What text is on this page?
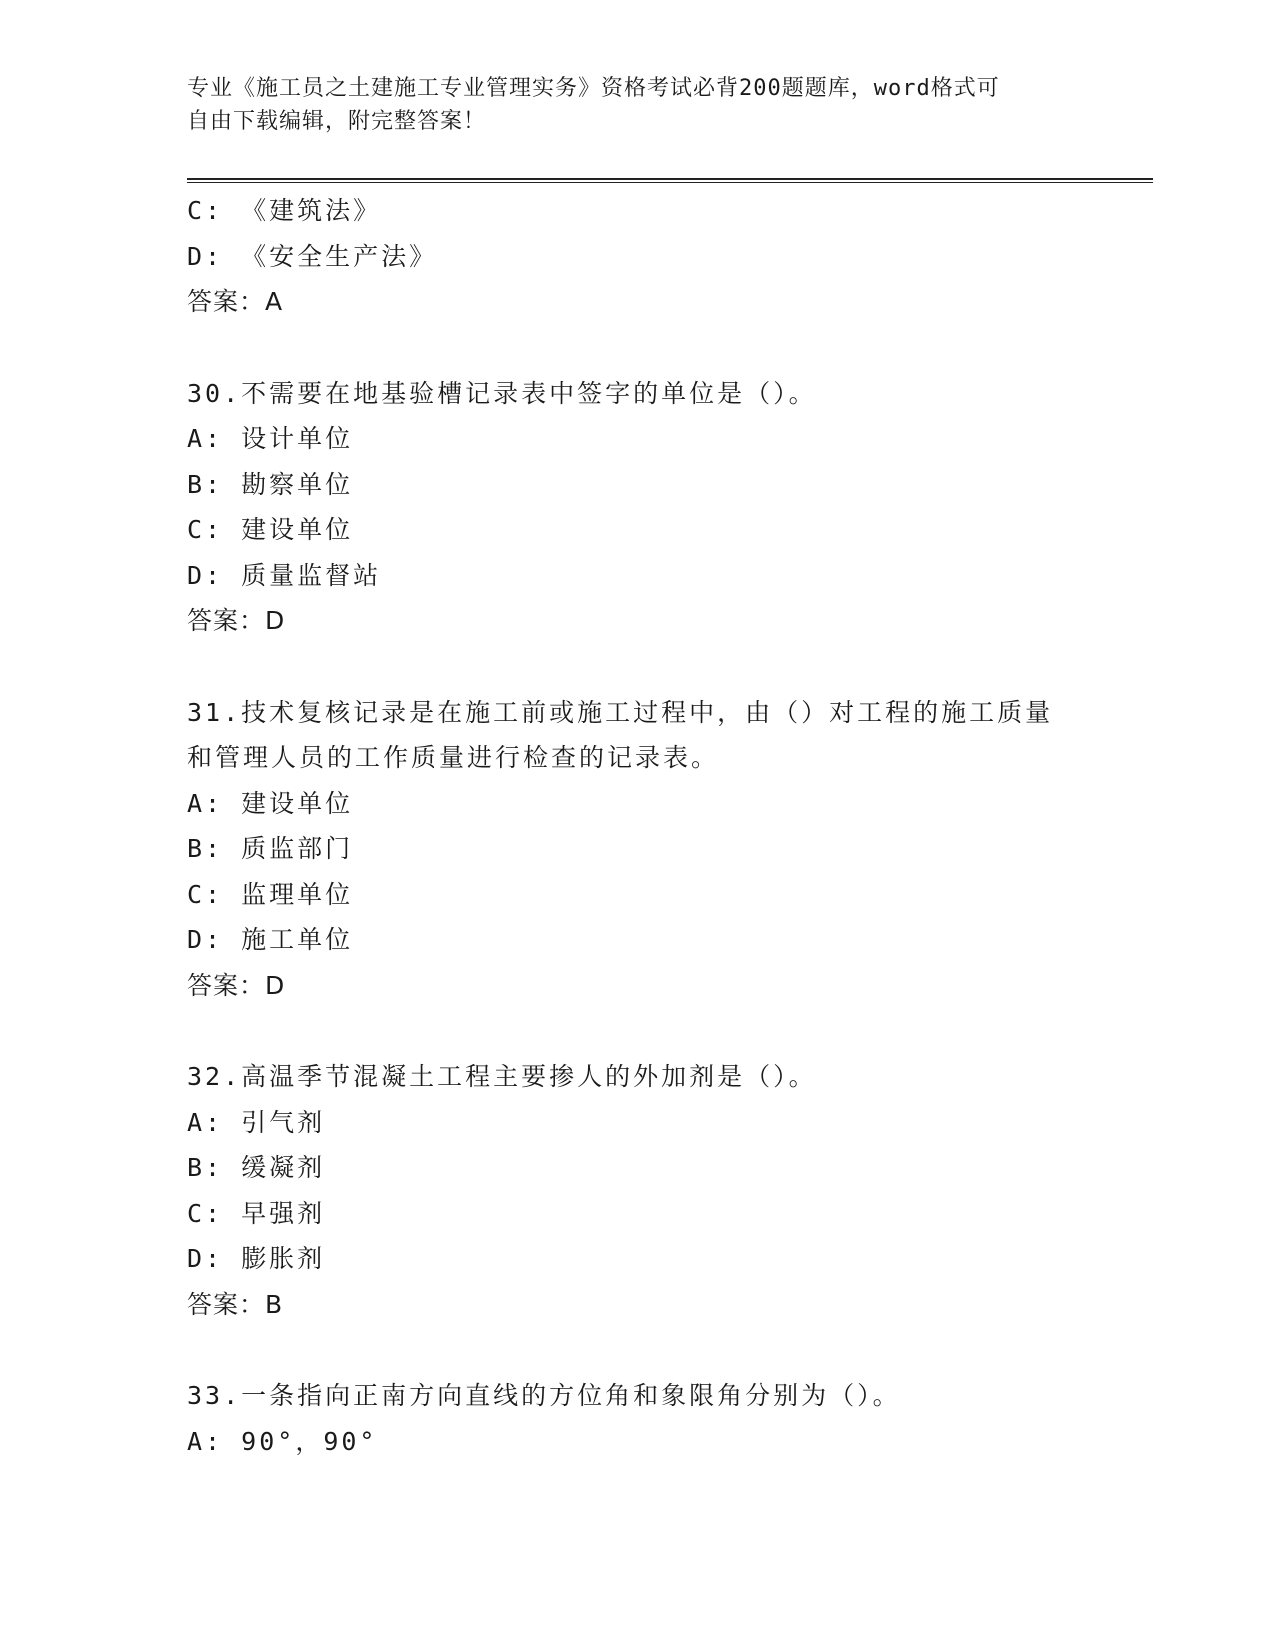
专业《施工员之土建施工专业管理实务》资格考试必背200题题库，word格式可
自由下载编辑，附完整答案！
C: 《建筑法》
D: 《安全生产法》
答案：A
30.不需要在地基验槽记录表中签字的单位是（）。
A: 设计单位
B: 勘察单位
C: 建设单位
D: 质量监督站
答案：D
31.技术复核记录是在施工前或施工过程中，由（）对工程的施工质量
和管理人员的工作质量进行检查的记录表。
A: 建设单位
B: 质监部门
C: 监理单位
D: 施工单位
答案：D
32.高温季节混凝土工程主要掺人的外加剂是（）。
A: 引气剂
B: 缓凝剂
C: 早强剂
D: 膨胀剂
答案：B
33.一条指向正南方向直线的方位角和象限角分别为（）。
A: 90°，90°
